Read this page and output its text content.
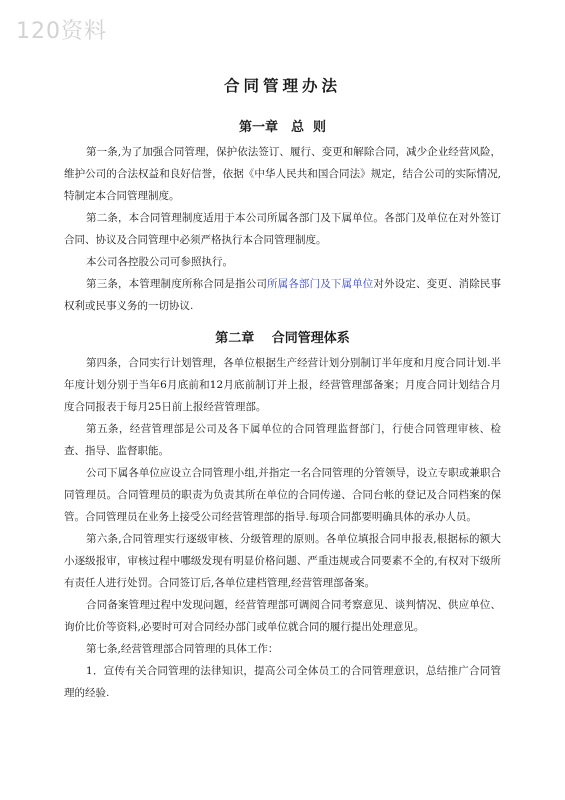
120资料
合同管理办法
第一章　总  则

第一条,为了加强合同管理，保护依法签订、履行、变更和解除合同，减少企业经营风险，维护公司的合法权益和良好信誉，依据《中华人民共和国合同法》规定，结合公司的实际情况,特制定本合同管理制度。

第二条，本合同管理制度适用于本公司所属各部门及下属单位。各部门及单位在对外签订合同、协议及合同管理中必须严格执行本合同管理制度。

本公司各控股公司可参照执行。

第三条，本管理制度所称合同是指公司所属各部门及下属单位对外设定、变更、消除民事权利或民事义务的一切协议.

第二章　 合同管理体系

第四条，合同实行计划管理，各单位根据生产经营计划分别制订半年度和月度合同计划.半年度计划分别于当年6月底前和12月底前制订并上报，经营管理部备案；月度合同计划结合月度合同报表于每月25日前上报经营管理部。

第五条，经营管理部是公司及各下属单位的合同管理监督部门，行使合同管理审核、检查、指导、监督职能。

公司下属各单位应设立合同管理小组,并指定一名合同管理的分管领导，设立专职或兼职合同管理员。合同管理员的职责为负责其所在单位的合同传递、合同台帐的登记及合同档案的保管。合同管理员在业务上接受公司经营管理部的指导.每项合同都要明确具体的承办人员。

第六条,合同管理实行逐级审核、分级管理的原则。各单位填报合同申报表,根据标的额大小逐级报审，审核过程中哪级发现有明显价格问题、严重违规或合同要素不全的,有权对下级所有责任人进行处罚。合同签订后,各单位建档管理,经营管理部备案。

合同备案管理过程中发现问题，经营管理部可调阅合同考察意见、谈判情况、供应单位、询价比价等资料,必要时可对合同经办部门或单位就合同的履行提出处理意见。

第七条,经营管理部合同管理的具体工作：

1．宣传有关合同管理的法律知识，提高公司全体员工的合同管理意识，总结推广合同管理的经验.
